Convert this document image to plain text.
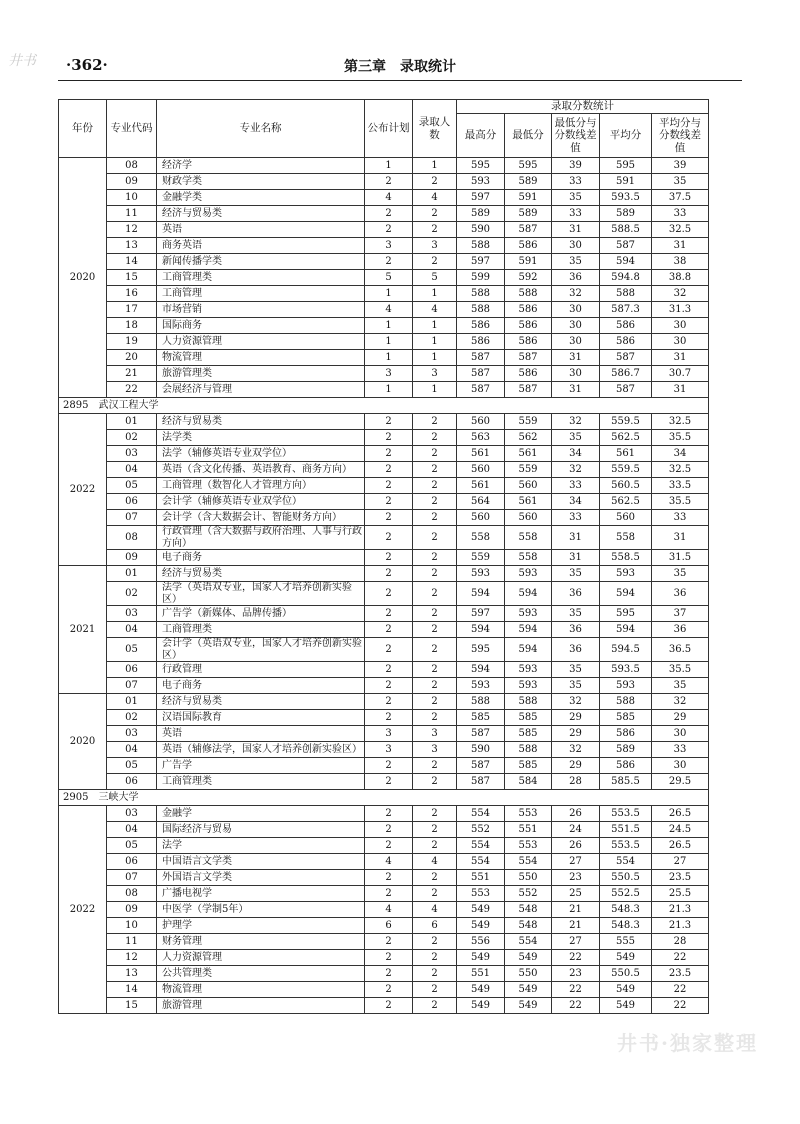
井书 ·362·	第三章　录取统计
年份	专业代码	专业名称	公布计划	录取人数	录取分数统计				
					最高分	最低分	最低分与分数线差值	平均分	平均分与分数线差值
2020	08	经济学	1	1	595	595	39	595	39
	09	财政学类	2	2	593	589	33	591	35
	10	金融学类	4	4	597	591	35	593.5	37.5
	11	经济与贸易类	2	2	589	589	33	589	33
	12	英语	2	2	590	587	31	588.5	32.5
	13	商务英语	3	3	588	586	30	587	31
	14	新闻传播学类	2	2	597	591	35	594	38
	15	工商管理类	5	5	599	592	36	594.8	38.8
	16	工商管理	1	1	588	588	32	588	32
	17	市场营销	4	4	588	586	30	587.3	31.3
	18	国际商务	1	1	586	586	30	586	30
	19	人力资源管理	1	1	586	586	30	586	30
	20	物流管理	1	1	587	587	31	587	31
	21	旅游管理类	3	3	587	586	30	586.7	30.7
	22	会展经济与管理	1	1	587	587	31	587	31
2895　武汉工程大学									
2022	01	经济与贸易类	2	2	560	559	32	559.5	32.5
	02	法学类	2	2	563	562	35	562.5	35.5
	03	法学（辅修英语专业双学位）	2	2	561	561	34	561	34
	04	英语（含文化传播、英语教育、商务方向）	2	2	560	559	32	559.5	32.5
	05	工商管理（数智化人才管理方向）	2	2	561	560	33	560.5	33.5
	06	会计学（辅修英语专业双学位）	2	2	564	561	34	562.5	35.5
	07	会计学（含大数据会计、智能财务方向）	2	2	560	560	33	560	33
	08	行政管理（含大数据与政府治理、人事与行政方向）	2	2	558	558	31	558	31
	09	电子商务	2	2	559	558	31	558.5	31.5
2021	01	经济与贸易类	2	2	593	593	35	593	35
	02	法学（英语双专业，国家人才培养创新实验区）	2	2	594	594	36	594	36
	03	广告学（新媒体、品牌传播）	2	2	597	593	35	595	37
	04	工商管理类	2	2	594	594	36	594	36
	05	会计学（英语双专业，国家人才培养创新实验区）	2	2	595	594	36	594.5	36.5
	06	行政管理	2	2	594	593	35	593.5	35.5
	07	电子商务	2	2	593	593	35	593	35
2020	01	经济与贸易类	2	2	588	588	32	588	32
	02	汉语国际教育	2	2	585	585	29	585	29
	03	英语	3	3	587	585	29	586	30
	04	英语（辅修法学，国家人才培养创新实验区）	3	3	590	588	32	589	33
	05	广告学	2	2	587	585	29	586	30
	06	工商管理类	2	2	587	584	28	585.5	29.5
2905　三峡大学									
2022	03	金融学	2	2	554	553	26	553.5	26.5
	04	国际经济与贸易	2	2	552	551	24	551.5	24.5
	05	法学	2	2	554	553	26	553.5	26.5
	06	中国语言文学类	4	4	554	554	27	554	27
	07	外国语言文学类	2	2	551	550	23	550.5	23.5
	08	广播电视学	2	2	553	552	25	552.5	25.5
	09	中医学（学制5年）	4	4	549	548	21	548.3	21.3
	10	护理学	6	6	549	548	21	548.3	21.3
	11	财务管理	2	2	556	554	27	555	28
	12	人力资源管理	2	2	549	549	22	549	22
	13	公共管理类	2	2	551	550	23	550.5	23.5
	14	物流管理	2	2	549	549	22	549	22
	15	旅游管理	2	2	549	549	22	549	22
井书·独家整理
